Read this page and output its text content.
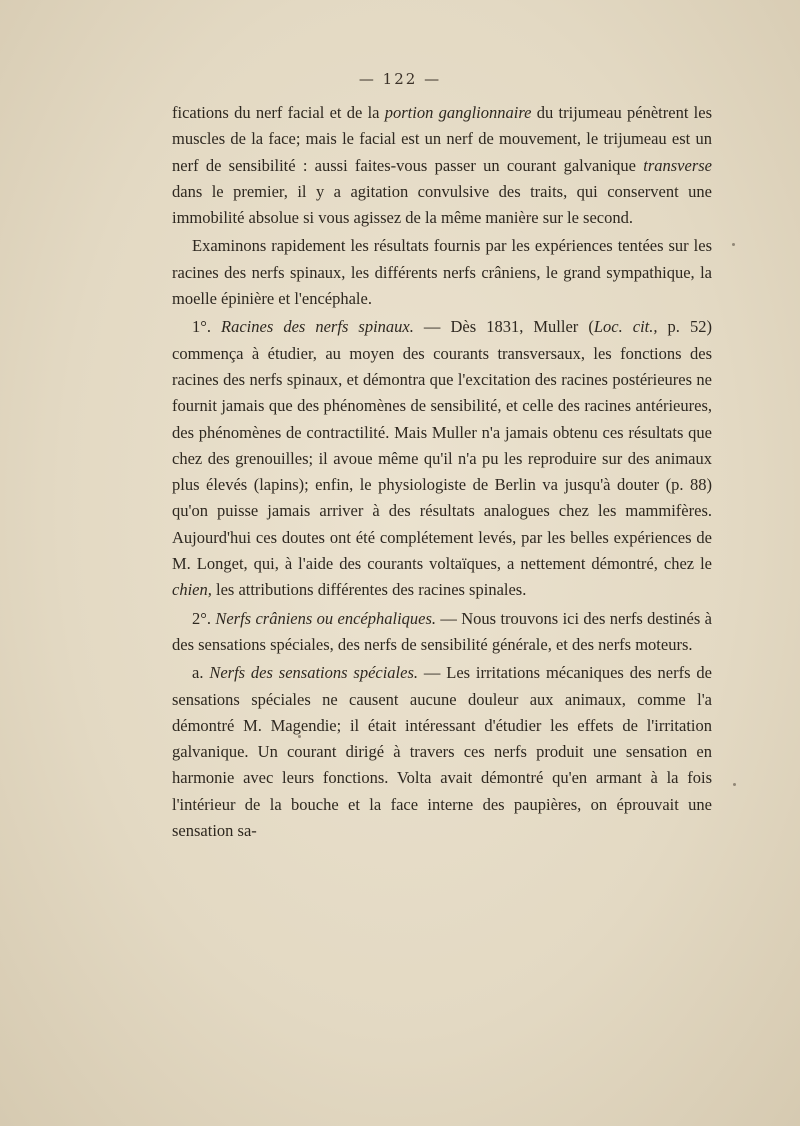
— 122 —

fications du nerf facial et de la portion ganglionnaire du trijumeau pénètrent les muscles de la face; mais le facial est un nerf de mouvement, le trijumeau est un nerf de sensibilité : aussi faites-vous passer un courant galvanique transverse dans le premier, il y a agitation convulsive des traits, qui conservent une immobilité absolue si vous agissez de la même manière sur le second.

Examinons rapidement les résultats fournis par les expériences tentées sur les racines des nerfs spinaux, les différents nerfs crâniens, le grand sympathique, la moelle épinière et l'encéphale.

1°. Racines des nerfs spinaux. — Dès 1831, Muller (Loc. cit., p. 52) commença à étudier, au moyen des courants transversaux, les fonctions des racines des nerfs spinaux, et démontra que l'excitation des racines postérieures ne fournit jamais que des phénomènes de sensibilité, et celle des racines antérieures, des phénomènes de contractilité. Mais Muller n'a jamais obtenu ces résultats que chez des grenouilles; il avoue même qu'il n'a pu les reproduire sur des animaux plus élevés (lapins); enfin, le physiologiste de Berlin va jusqu'à douter (p. 88) qu'on puisse jamais arriver à des résultats analogues chez les mammifères. Aujourd'hui ces doutes ont été complétement levés, par les belles expériences de M. Longet, qui, à l'aide des courants voltaïques, a nettement démontré, chez le chien, les attributions différentes des racines spinales.

2°. Nerfs crâniens ou encéphaliques. — Nous trouvons ici des nerfs destinés à des sensations spéciales, des nerfs de sensibilité générale, et des nerfs moteurs.

a. Nerfs des sensations spéciales. — Les irritations mécaniques des nerfs de sensations spéciales ne causent aucune douleur aux animaux, comme l'a démontré M. Magendie; il était intéressant d'étudier les effets de l'irritation galvanique. Un courant dirigé à travers ces nerfs produit une sensation en harmonie avec leurs fonctions. Volta avait démontré qu'en armant à la fois l'intérieur de la bouche et la face interne des paupières, on éprouvait une sensation sa-
